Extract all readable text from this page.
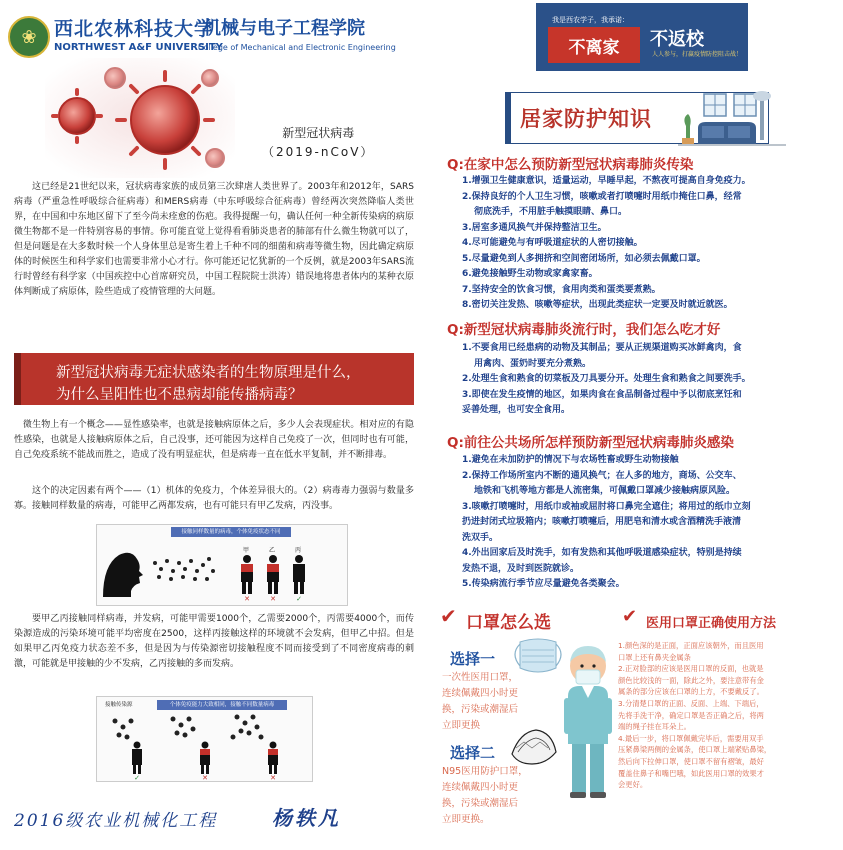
❀ 西北农林科技大学
机械与电子工程学院
NORTHWEST A&F UNIVERSITY
College of Mechanical and Electronic Engineering
新型冠状病毒
（2019-nCoV）
这已经是21世纪以来，冠状病毒家族的成员第三次肆虐人类世界了。2003年和2012年，SARS病毒（严重急性呼吸综合征病毒）和MERS病毒（中东呼吸综合征病毒）曾经两次突然降临人类世界，在中国和中东地区留下了至今尚未痊愈的伤疤。我得提醒一句，确认任何一种全新传染病的病原微生物都不是一件特别容易的事情。你可能直觉上觉得看看肺炎患者的肺部有什么微生物就可以了，但是问题是在大多数时候一个人身体里总是寄生着上千种不同的细菌和病毒等微生物，因此确定病原体的时候医生和科学家们也需要非常小心才行。你可能还记忆犹新的一个反例，就是2003年SARS流行时曾经有科学家（中国疾控中心首席研究员，中国工程院院士洪涛）错误地将患者体内的某种衣原体判断成了病原体，险些造成了疫情管理的大问题。
新型冠状病毒无症状感染者的生物原理是什么，
为什么呈阳性也不患病却能传播病毒？
微生物上有一个概念——显性感染率，也就是接触病原体之后，多少人会表现症状。相对应的有隐性感染，也就是人接触病原体之后，自己没事，还可能因为这样自己免疫了一次，但同时也有可能，自己免疫系统不能战而胜之，造成了没有明显症状，但是病毒一直在低水平复制，并不断排毒。
这个的决定因素有两个——（1）机体的免疫力，个体差异很大的。（2）病毒毒力强弱与数量多寡。接触同样数量的病毒，可能甲乙两都发病，也有可能只有甲乙发病，丙没事。
接触同样数量的病毒，个体免疫状态不同
✕	✕	✓
甲	乙	丙
要甲乙丙接触同样病毒，并发病，可能甲需要1000个，乙需要2000个，丙需要4000个，而传染源造成的污染环境可能平均密度在2500，这样丙接触这样的环境就不会发病，但甲乙中招。但是如果甲乙丙免疫力状态差不多，但是因为与传染源密切接触程度不同而接受到了不同密度病毒的刺激，可能就是甲接触的少不发病，乙丙接触的多而发病。
个体免疫能力大致相同，接触不同数量病毒
接触传染源
✓	✕	✕
2016级农业机械化工程	杨轶凡
我是西农学子，我承诺：
不离家	不返校
人人参与，打赢疫情防控阻击战！
居家防护知识
Q:在家中怎么预防新型冠状病毒肺炎传染
1.增强卫生健康意识，适量运动，早睡早起，不熬夜可提高自身免疫力。
2.保持良好的个人卫生习惯，咳嗽或者打喷嚏时用纸巾掩住口鼻，经常
彻底洗手，不用脏手触摸眼睛、鼻口。
3.居室多通风换气并保持整洁卫生。
4.尽可能避免与有呼吸道症状的人密切接触。
5.尽量避免到人多拥挤和空间密闭场所，如必须去佩戴口罩。
6.避免接触野生动物或家禽家畜。
7.坚持安全的饮食习惯，食用肉类和蛋类要煮熟。
8.密切关注发热、咳嗽等症状，出现此类症状一定要及时就近就医。
Q:新型冠状病毒肺炎流行时，我们怎么吃才好
1.不要食用已经患病的动物及其制品；要从正规渠道购买冰鲜禽肉，食
用禽肉、蛋奶时要充分煮熟。
2.处理生食和熟食的切菜板及刀具要分开。处理生食和熟食之间要洗手。
3.即使在发生疫情的地区，如果肉食在食品制备过程中予以彻底烹饪和
妥善处理，也可安全食用。
Q:前往公共场所怎样预防新型冠状病毒肺炎感染
1.避免在未加防护的情况下与农场牲畜或野生动物接触
2.保持工作场所室内不断的通风换气；在人多的地方，商场、公交车、
地铁和飞机等地方都是人流密集，可佩戴口罩减少接触病原风险。
3.咳嗽打喷嚏时，用纸巾或袖或屈肘将口鼻完全遮住；将用过的纸巾立刻
扔进封闭式垃圾箱内；咳嗽打喷嚏后，用肥皂和清水或含酒精洗手液清
洗双手。
4.外出回家后及时洗手，如有发热和其他呼吸道感染症状，特别是持续
发热不退，及时到医院就诊。
5.传染病流行季节应尽量避免各类聚会。
✔ 口罩怎么选	✔ 医用口罩正确使用方法
选择一
一次性医用口罩，
连续佩戴四小时更
换，污染或潮湿后
立即更换
选择二
N95医用防护口罩，
连续佩戴四小时更
换，污染或潮湿后
立即更换。
1.颜色深的是正面，正面应该朝外，而且医用
口罩上还有鼻夹金属条
2.正对脸部的应该是医用口罩的反面，也就是
颜色比较浅的一面，除此之外，要注意带有金
属条的部分应该在口罩的上方，不要戴反了。
3.分清楚口罩的正面、反面、上端、下端后，
先将手洗干净，确定口罩是否正确之后，将两
端的绳子挂在耳朵上。
4.最后一步，将口罩佩戴完毕后，需要用双手
压紧鼻梁两侧的金属条，使口罩上端紧贴鼻梁，
然后向下拉伸口罩，使口罩不留有褶皱，最好
覆盖住鼻子和嘴巴哦，如此医用口罩的效果才
会更好。
